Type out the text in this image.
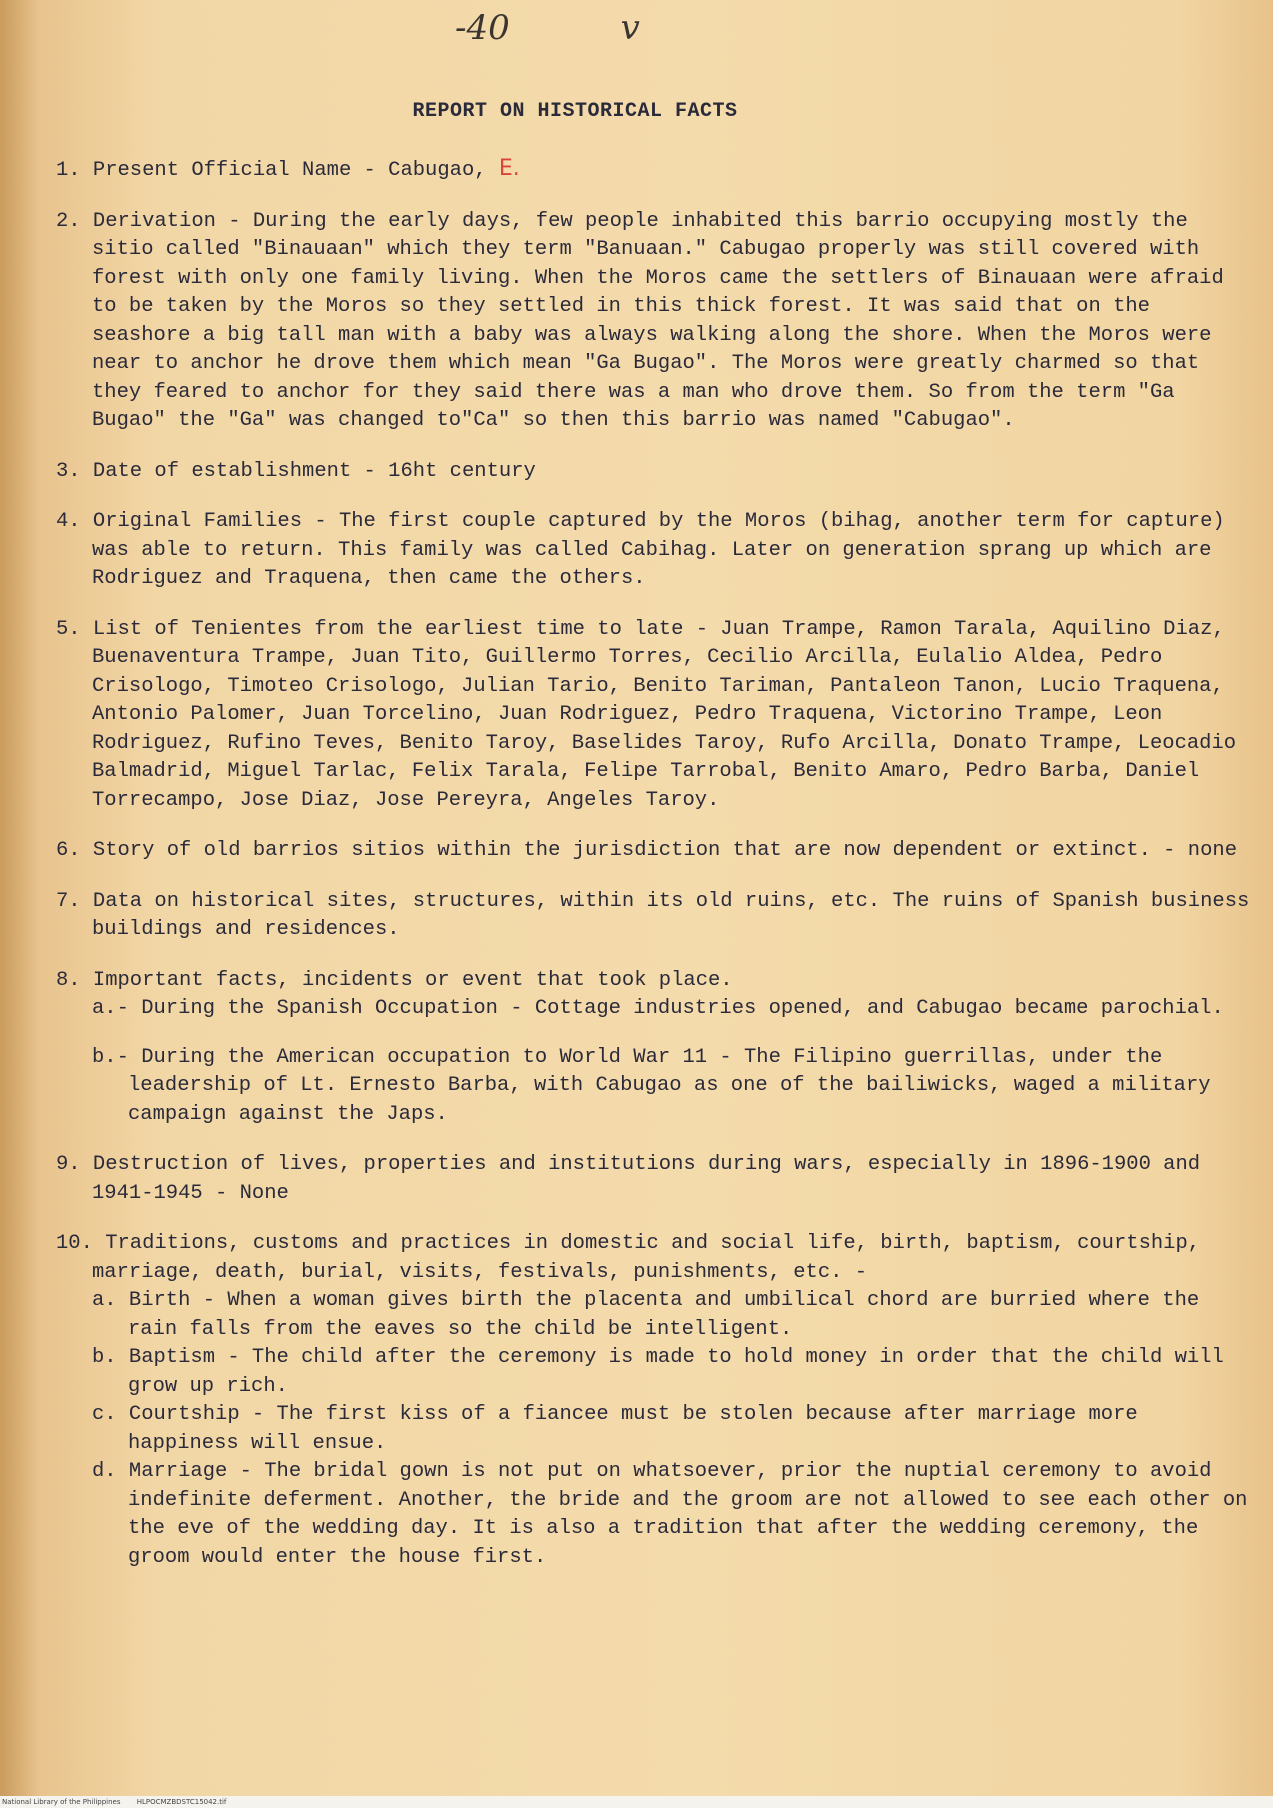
-40	v
REPORT ON HISTORICAL FACTS
1. Present Official Name - Cabugao, E.
2. Derivation - During the early days, few people inhabited this barrio occupying mostly the sitio called "Binauaan" which they term "Banuaan." Cabugao properly was still covered with forest with only one family living. When the Moros came the settlers of Binauaan were afraid to be taken by the Moros so they settled in this thick forest. It was said that on the seashore a big tall man with a baby was always walking along the shore. When the Moros were near to anchor he drove them which mean "Ga Bugao". The Moros were greatly charmed so that they feared to anchor for they said there was a man who drove them. So from the term "Ga Bugao" the "Ga" was changed to"Ca" so then this barrio was named "Cabugao".
3. Date of establishment - 16ht century
4. Original Families - The first couple captured by the Moros (bihag, another term for capture) was able to return. This family was called Cabihag. Later on generation sprang up which are Rodriguez and Traquena, then came the others.
5. List of Tenientes from the earliest time to late - Juan Trampe, Ramon Tarala, Aquilino Diaz, Buenaventura Trampe, Juan Tito, Guillermo Torres, Cecilio Arcilla, Eulalio Aldea, Pedro Crisologo, Timoteo Crisologo, Julian Tario, Benito Tariman, Pantaleon Tanon, Lucio Traquena, Antonio Palomer, Juan Torcelino, Juan Rodriguez, Pedro Traquena, Victorino Trampe, Leon Rodriguez, Rufino Teves, Benito Taroy, Baselides Taroy, Rufo Arcilla, Donato Trampe, Leocadio Balmadrid, Miguel Tarlac, Felix Tarala, Felipe Tarrobal, Benito Amaro, Pedro Barba, Daniel Torrecampo, Jose Diaz, Jose Pereyra, Angeles Taroy.
6. Story of old barrios sitios within the jurisdiction that are now dependent or extinct. - none
7. Data on historical sites, structures, within its old ruins, etc. The ruins of Spanish business buildings and residences.
8. Important facts, incidents or event that took place.
a.- During the Spanish Occupation - Cottage industries opened, and Cabugao became parochial.
b.- During the American occupation to World War 11 - The Filipino guerrillas, under the leadership of Lt. Ernesto Barba, with Cabugao as one of the bailiwicks, waged a military campaign against the Japs.
9. Destruction of lives, properties and institutions during wars, especially in 1896-1900 and 1941-1945 - None
10. Traditions, customs and practices in domestic and social life, birth, baptism, courtship, marriage, death, burial, visits, festivals, punishments, etc. -
a. Birth - When a woman gives birth the placenta and umbilical chord are burried where the rain falls from the eaves so the child be intelligent.
b. Baptism - The child after the ceremony is made to hold money in order that the child will grow up rich.
c. Courtship - The first kiss of a fiancee must be stolen because after marriage more happiness will ensue.
d. Marriage - The bridal gown is not put on whatsoever, prior the nuptial ceremony to avoid indefinite deferment. Another, the bride and the groom are not allowed to see each other on the eve of the wedding day. It is also a tradition that after the wedding ceremony, the groom would enter the house first.
National Library of the Philippines HLPOCMZBDSTC15042.tif
